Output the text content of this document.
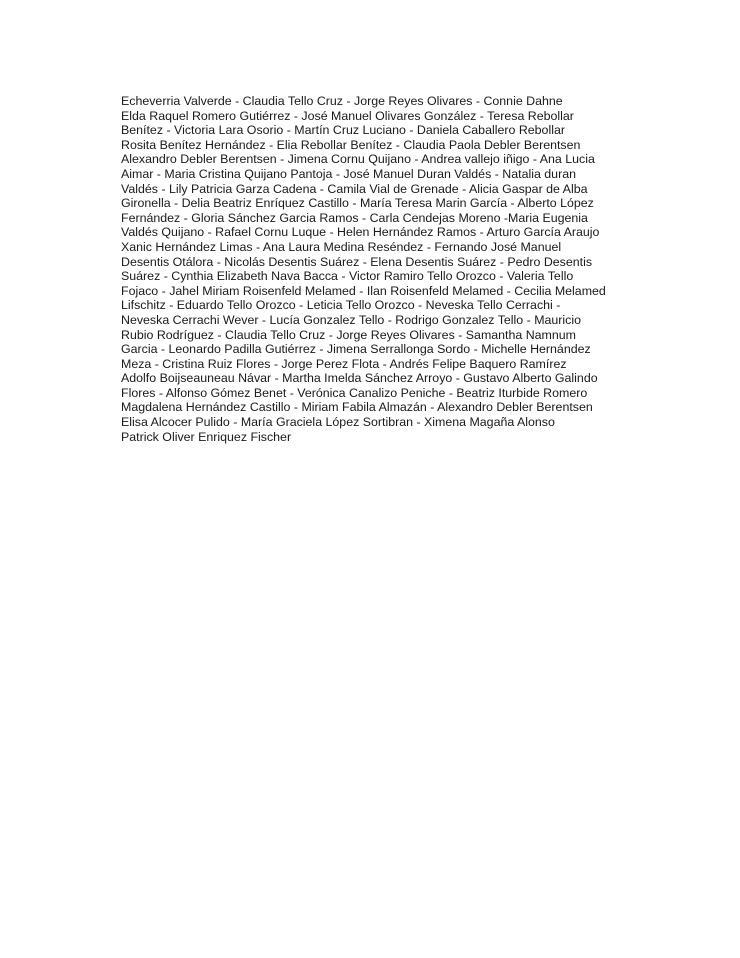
Echeverria Valverde - Claudia Tello Cruz - Jorge Reyes Olivares - Connie Dahne
Elda Raquel Romero Gutiérrez - José Manuel Olivares González - Teresa Rebollar
Benítez - Victoria Lara Osorio - Martín Cruz Luciano - Daniela Caballero Rebollar
Rosita Benítez Hernández - Elia Rebollar Benítez - Claudia Paola Debler Berentsen
Alexandro Debler Berentsen - Jimena Cornu Quijano - Andrea vallejo iñigo - Ana Lucia
Aimar - Maria Cristina Quijano Pantoja - José Manuel Duran Valdés - Natalia duran
Valdés - Lily Patricia Garza Cadena - Camila Vial de Grenade - Alicia Gaspar de Alba
Gironella - Delia Beatriz Enríquez Castillo - María Teresa Marin García - Alberto López
Fernández - Gloria Sánchez Garcia Ramos - Carla Cendejas Moreno -Maria Eugenia
Valdés Quijano - Rafael Cornu Luque - Helen Hernández Ramos - Arturo García Araujo
Xanic Hernández Limas - Ana Laura Medina Reséndez - Fernando José Manuel
Desentis Otálora - Nicolás Desentis Suárez - Elena Desentis Suárez - Pedro Desentis
Suárez - Cynthia Elizabeth Nava Bacca - Victor Ramiro Tello Orozco - Valeria Tello
Fojaco - Jahel Miriam Roisenfeld Melamed - Ilan Roisenfeld Melamed - Cecilia Melamed
Lifschitz - Eduardo Tello Orozco - Leticia Tello Orozco - Neveska Tello Cerrachi -
Neveska Cerrachi Wever - Lucía Gonzalez Tello - Rodrigo Gonzalez Tello - Mauricio
Rubio Rodríguez - Claudia Tello Cruz - Jorge Reyes Olivares - Samantha Namnum
Garcia - Leonardo Padilla Gutiérrez - Jimena Serrallonga Sordo - Michelle Hernández
Meza - Cristina Ruiz Flores - Jorge Perez Flota - Andrés Felipe Baquero Ramírez
Adolfo Boijseauneau Návar - Martha Imelda Sánchez Arroyo - Gustavo Alberto Galindo
Flores - Alfonso Gómez Benet - Verónica Canalizo Peniche - Beatriz Iturbide Romero
Magdalena Hernández Castillo - Miriam Fabila Almazán - Alexandro Debler Berentsen
Elisa Alcocer Pulido - María Graciela López Sortibran - Ximena Magaña Alonso
Patrick Oliver Enriquez Fischer
